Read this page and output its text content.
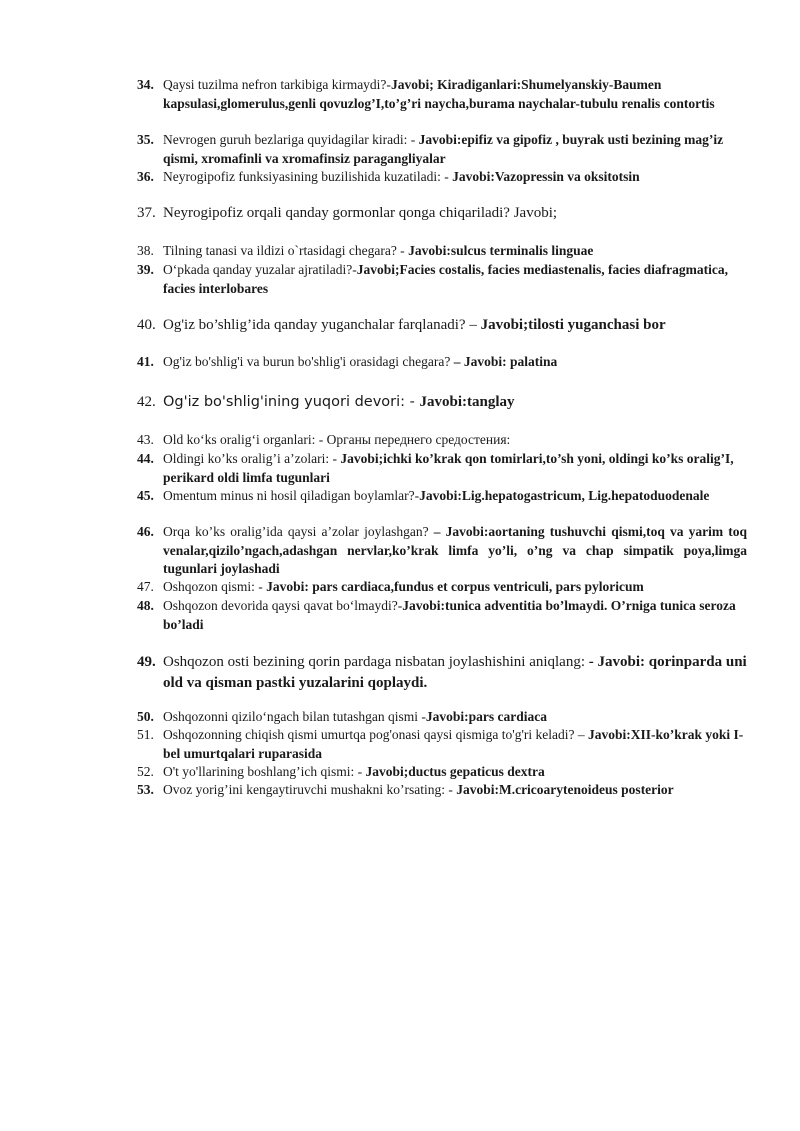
34. Qaysi tuzilma nefron tarkibiga kirmaydi?-Javobi; Kiradiganlari:Shumelyanskiy-Baumen kapsulasi,glomerulus,genli qovuzlog’I,to’g’ri naycha,burama naychalar-tubulu renalis contortis
35. Nevrogen guruh bezlariga quyidagilar kiradi: - Javobi:epifiz va gipofiz , buyrak usti bezining mag’iz qismi, xromafinli va xromafinsiz paragangliyalar
36. Neyrogipofiz funksiyasining buzilishida kuzatiladi: - Javobi:Vazopressin va oksitotsin
37. Neyrogipofiz orqali qanday gormonlar qonga chiqariladi? Javobi;
38. Tilning tanasi va ildizi o`rtasidagi chegara? - Javobi:sulcus terminalis linguae
39. O‘pkada qanday yuzalar ajratiladi?-Javobi;Facies costalis, facies mediastenalis, facies diafragmatica, facies interlobares
40. Og'iz bo’shlig’ida qanday yuganchalar farqlanadi? – Javobi;tilosti yuganchasi bor
41. Og'iz bo'shlig'i va burun bo'shlig'i orasidagi chegara? – Javobi: palatina
42. Og'iz bo'shlig'ining yuqori devori: - Javobi:tanglay
43. Old ko‘ks oralig‘i organlari: - Органы переднего средостения:
44. Oldingi ko’ks oralig’i a’zolari: - Javobi;ichki ko’krak qon tomirlari,to’sh yoni, oldingi ko’ks oralig’I, perikard oldi limfa tugunlari
45. Omentum minus ni hosil qiladigan boylamlar?-Javobi:Lig.hepatogastricum, Lig.hepatoduodenale
46. Orqa ko’ks oralig’ida qaysi a’zolar joylashgan? – Javobi:aortaning tushuvchi qismi,toq va yarim toq venalar,qizilo’ngach,adashgan nervlar,ko’krak limfa yo’li, o’ng va chap simpatik poya,limga tugunlari joylashadi
47. Oshqozon qismi: - Javobi: pars cardiaca,fundus et corpus ventriculi, pars pyloricum
48. Oshqozon devorida qaysi qavat bo‘lmaydi?-Javobi:tunica adventitia bo’lmaydi. O’rniga tunica seroza bo’ladi
49. Oshqozon osti bezining qorin pardaga nisbatan joylashishini aniqlang: - Javobi: qorinparda uni old va qisman pastki yuzalarini qoplaydi.
50. Oshqozonni qizilo‘ngach bilan tutashgan qismi -Javobi:pars cardiaca
51. Oshqozonning chiqish qismi umurtqa pog'onasi qaysi qismiga to'g'ri keladi? – Javobi:XII-ko’krak yoki I-bel umurtqalari ruparasida
52. O't yo'llarining boshlang’ich qismi: - Javobi;ductus gepaticus dextra
53. Ovoz yorig’ini kengaytiruvchi mushakni ko’rsating: - Javobi:M.cricoarytenoideus posterior
